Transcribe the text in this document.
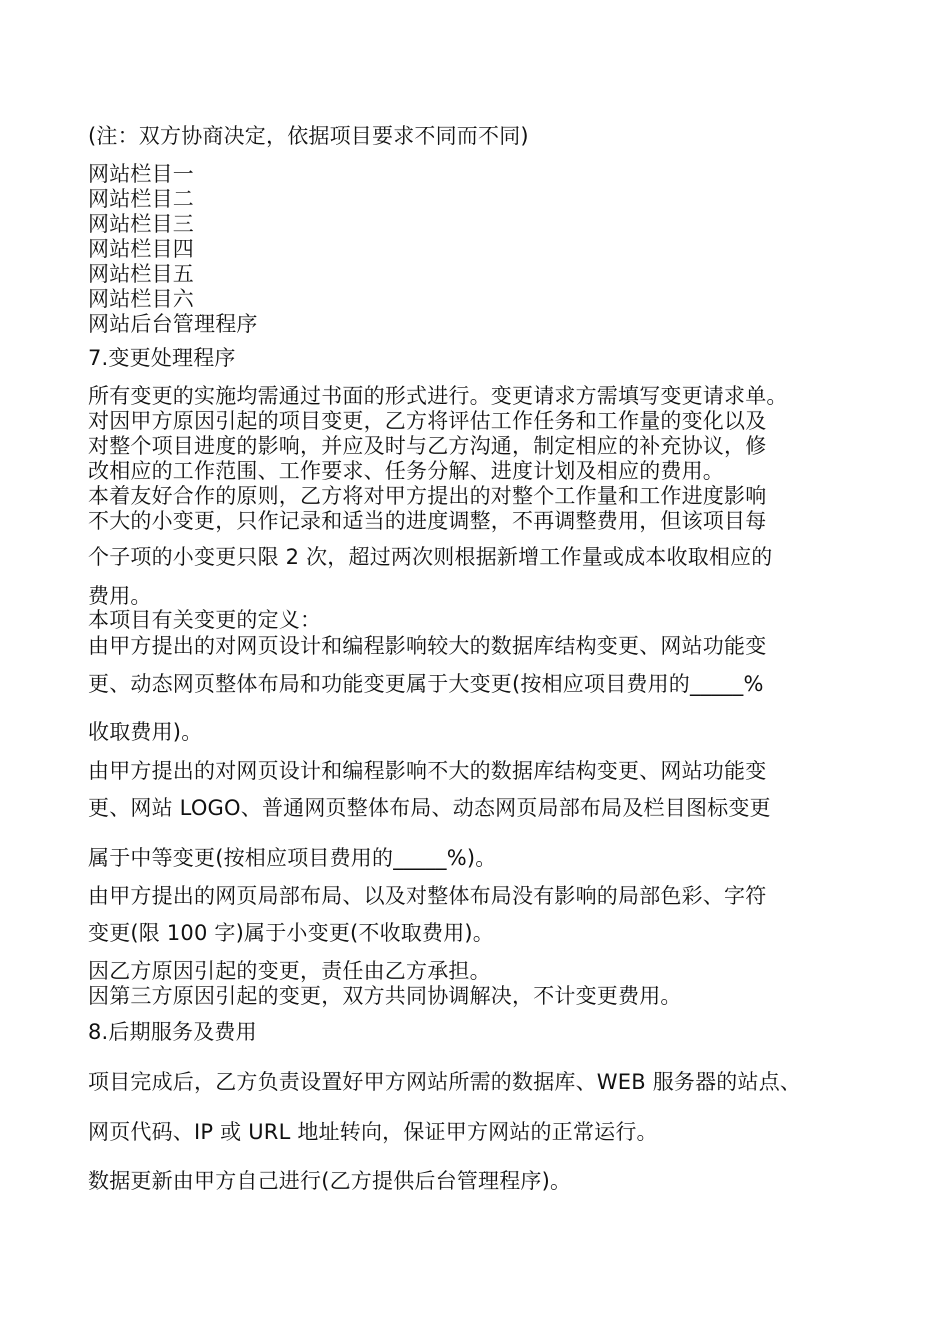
(注：双方协商决定，依据项目要求不同而不同)
网站栏目一
网站栏目二
网站栏目三
网站栏目四
网站栏目五
网站栏目六
网站后台管理程序
7.变更处理程序
所有变更的实施均需通过书面的形式进行。变更请求方需填写变更请求单。
对因甲方原因引起的项目变更，乙方将评估工作任务和工作量的变化以及
对整个项目进度的影响，并应及时与乙方沟通，制定相应的补充协议，修
改相应的工作范围、工作要求、任务分解、进度计划及相应的费用。
本着友好合作的原则，乙方将对甲方提出的对整个工作量和工作进度影响
不大的小变更，只作记录和适当的进度调整，不再调整费用，但该项目每
个子项的小变更只限 2 次，超过两次则根据新增工作量或成本收取相应的
费用。
本项目有关变更的定义：
由甲方提出的对网页设计和编程影响较大的数据库结构变更、网站功能变
更、动态网页整体布局和功能变更属于大变更(按相应项目费用的_____%
收取费用)。
由甲方提出的对网页设计和编程影响不大的数据库结构变更、网站功能变
更、网站 LOGO、普通网页整体布局、动态网页局部布局及栏目图标变更
属于中等变更(按相应项目费用的_____%)。
由甲方提出的网页局部布局、以及对整体布局没有影响的局部色彩、字符
变更(限 100 字)属于小变更(不收取费用)。
因乙方原因引起的变更，责任由乙方承担。
因第三方原因引起的变更，双方共同协调解决，不计变更费用。
8.后期服务及费用
项目完成后，乙方负责设置好甲方网站所需的数据库、WEB 服务器的站点、
网页代码、IP 或 URL 地址转向，保证甲方网站的正常运行。
数据更新由甲方自己进行(乙方提供后台管理程序)。
